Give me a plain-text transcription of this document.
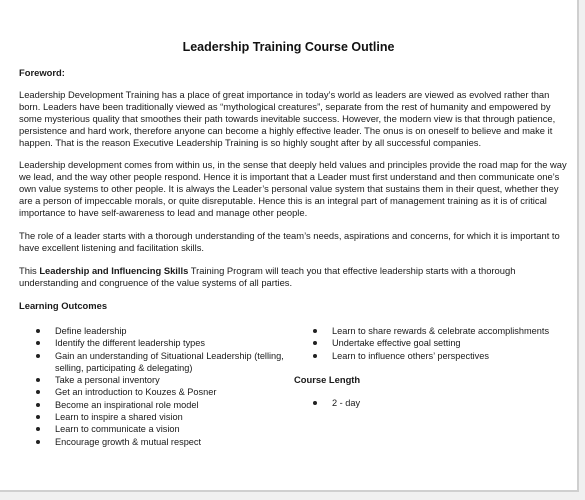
Leadership Training Course Outline
Foreword:
Leadership Development Training has a place of great importance in today’s world as leaders are viewed as evolved rather than born. Leaders have been traditionally viewed as “mythological creatures”, separate from the rest of humanity and empowered by some mysterious quality that smoothes their path towards inevitable success. However, the modern view is that through patience, persistence and hard work, therefore anyone can become a highly effective leader. The onus is on oneself to believe and make it happen. That is the reason Executive Leadership Training is so highly sought after by all successful companies.
Leadership development comes from within us, in the sense that deeply held values and principles provide the road map for the way we lead, and the way other people respond. Hence it is important that a Leader must first understand and then communicate one’s own value systems to other people. It is always the Leader’s personal value system that sustains them in their quest, whether they are a person of impeccable morals, or quite disreputable. Hence this is an integral part of management training as it is of critical importance to have self-awareness to lead and manage other people.
The role of a leader starts with a thorough understanding of the team’s needs, aspirations and concerns, for which it is important to have excellent listening and facilitation skills.
This Leadership and Influencing Skills Training Program will teach you that effective leadership starts with a thorough understanding and congruence of the value systems of all parties.
Learning Outcomes
Define leadership
Identify the different leadership types
Gain an understanding of Situational Leadership (telling, selling, participating & delegating)
Take a personal inventory
Get an introduction to Kouzes & Posner
Become an inspirational role model
Learn to inspire a shared vision
Learn to communicate a vision
Encourage growth & mutual respect
Learn to share rewards & celebrate accomplishments
Undertake effective goal setting
Learn to influence others’ perspectives
Course Length
2 - day
